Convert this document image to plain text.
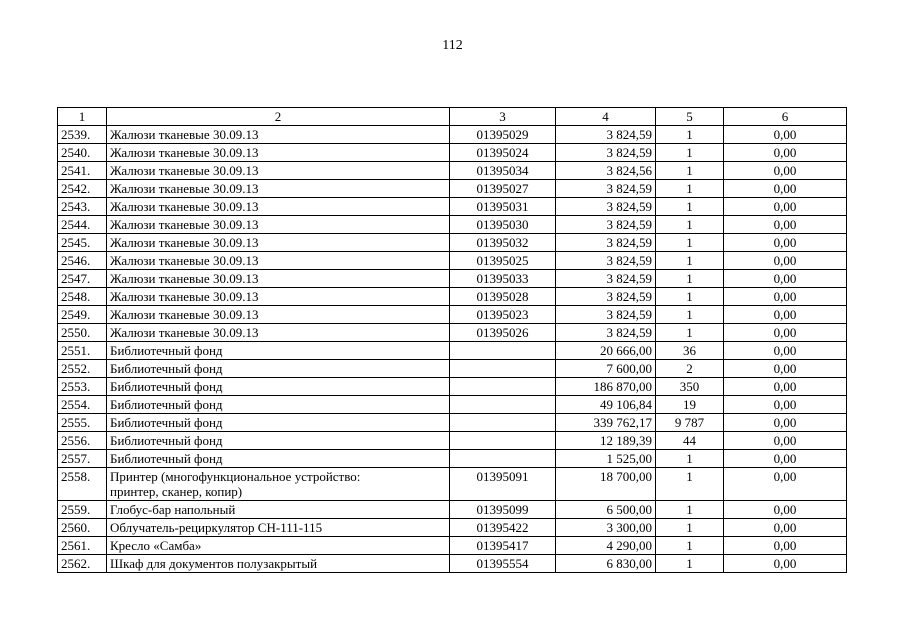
112
1	2	3	4	5	6
2539.	Жалюзи тканевые 30.09.13	01395029	3 824,59	1	0,00
2540.	Жалюзи тканевые 30.09.13	01395024	3 824,59	1	0,00
2541.	Жалюзи тканевые 30.09.13	01395034	3 824,56	1	0,00
2542.	Жалюзи тканевые 30.09.13	01395027	3 824,59	1	0,00
2543.	Жалюзи тканевые 30.09.13	01395031	3 824,59	1	0,00
2544.	Жалюзи тканевые 30.09.13	01395030	3 824,59	1	0,00
2545.	Жалюзи тканевые 30.09.13	01395032	3 824,59	1	0,00
2546.	Жалюзи тканевые 30.09.13	01395025	3 824,59	1	0,00
2547.	Жалюзи тканевые 30.09.13	01395033	3 824,59	1	0,00
2548.	Жалюзи тканевые 30.09.13	01395028	3 824,59	1	0,00
2549.	Жалюзи тканевые 30.09.13	01395023	3 824,59	1	0,00
2550.	Жалюзи тканевые 30.09.13	01395026	3 824,59	1	0,00
2551.	Библиотечный фонд		20 666,00	36	0,00
2552.	Библиотечный фонд		7 600,00	2	0,00
2553.	Библиотечный фонд		186 870,00	350	0,00
2554.	Библиотечный фонд		49 106,84	19	0,00
2555.	Библиотечный фонд		339 762,17	9 787	0,00
2556.	Библиотечный фонд		12 189,39	44	0,00
2557.	Библиотечный фонд		1 525,00	1	0,00
2558.	Принтер (многофункциональное устройство:
принтер, сканер, копир)	01395091	18 700,00	1	0,00
2559.	Глобус-бар напольный	01395099	6 500,00	1	0,00
2560.	Облучатель-рециркулятор СН-111-115	01395422	3 300,00	1	0,00
2561.	Кресло «Самба»	01395417	4 290,00	1	0,00
2562.	Шкаф для документов полузакрытый	01395554	6 830,00	1	0,00
